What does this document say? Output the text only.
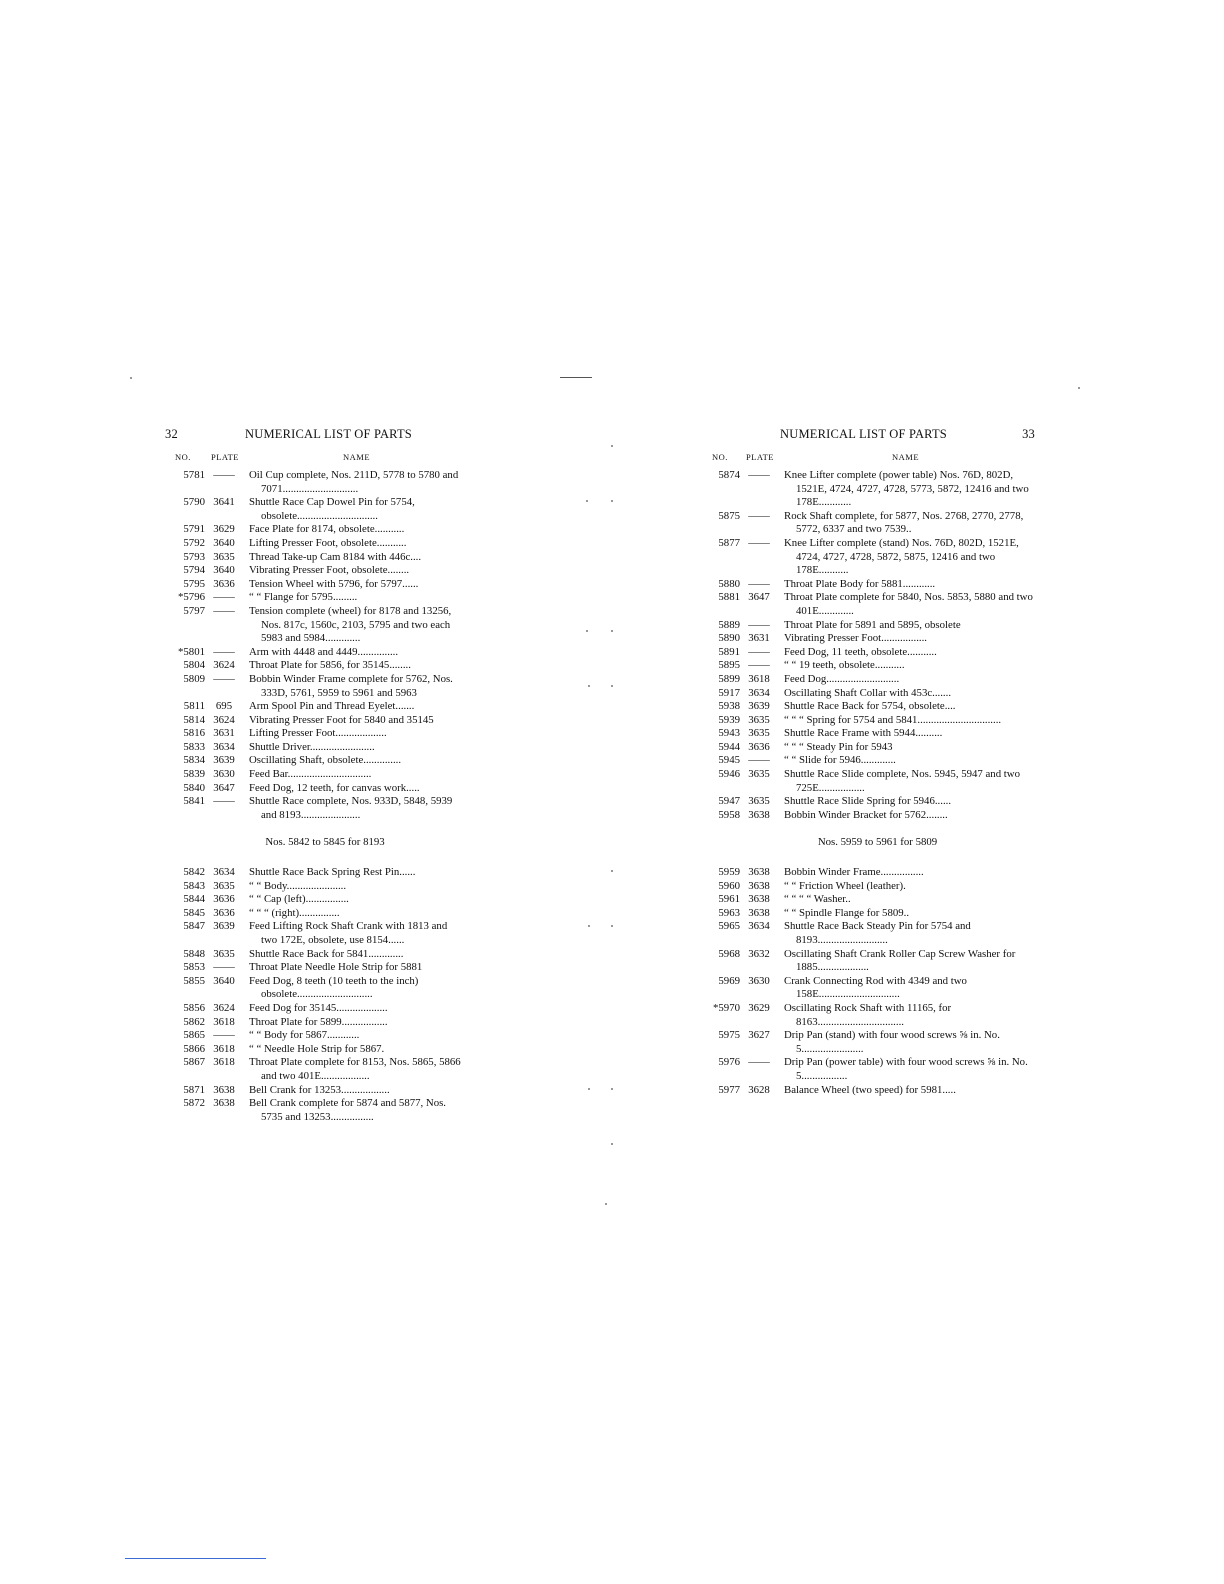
32	NUMERICAL LIST OF PARTS
NO. PLATE	NAME
5781 ——	Oil Cup complete, Nos. 211D, 5778 to 5780 and 7071............................
5790 3641	Shuttle Race Cap Dowel Pin for 5754, obsolete..............................
5791 3629	Face Plate for 8174, obsolete...........
5792 3640	Lifting Presser Foot, obsolete...........
5793 3635	Thread Take-up Cam 8184 with 446c....
5794 3640	Vibrating Presser Foot, obsolete........
5795 3636	Tension Wheel with 5796, for 5797......
*5796 ——	“ “ Flange for 5795.........
5797 ——	Tension complete (wheel) for 8178 and 13256, Nos. 817c, 1560c, 2103, 5795 and two each 5983 and 5984.............
*5801 ——	Arm with 4448 and 4449...............
5804 3624	Throat Plate for 5856, for 35145........
5809 ——	Bobbin Winder Frame complete for 5762, Nos. 333D, 5761, 5959 to 5961 and 5963
5811	695	Arm Spool Pin and Thread Eyelet.......
5814 3624	Vibrating Presser Foot for 5840 and 35145
5816 3631	Lifting Presser Foot...................
5833 3634	Shuttle Driver........................
5834 3639	Oscillating Shaft, obsolete..............
5839 3630	Feed Bar...............................
5840 3647	Feed Dog, 12 teeth, for canvas work.....
5841 ——	Shuttle Race complete, Nos. 933D, 5848, 5939 and 8193......................
Nos. 5842 to 5845 for 8193
5842 3634	Shuttle Race Back Spring Rest Pin......
5843 3635	“ “ Body......................
5844 3636	“ “ Cap (left)................
5845 3636	“ “ “ (right)...............
5847 3639	Feed Lifting Rock Shaft Crank with 1813 and two 172E, obsolete, use 8154......
5848 3635	Shuttle Race Back for 5841.............
5853 ——	Throat Plate Needle Hole Strip for 5881
5855 3640	Feed Dog, 8 teeth (10 teeth to the inch) obsolete............................
5856 3624	Feed Dog for 35145...................
5862 3618	Throat Plate for 5899.................
5865 ——	“ “ Body for 5867............
5866 3618	“ “ Needle Hole Strip for 5867.
5867 3618	Throat Plate complete for 8153, Nos. 5865, 5866 and two 401E..................
5871 3638	Bell Crank for 13253..................
5872 3638	Bell Crank complete for 5874 and 5877, Nos. 5735 and 13253................
NUMERICAL LIST OF PARTS	33
NO. PLATE	NAME
5874 ——	Knee Lifter complete (power table) Nos. 76D, 802D, 1521E, 4724, 4727, 4728, 5773, 5872, 12416 and two 178E............
5875 ——	Rock Shaft complete, for 5877, Nos. 2768, 2770, 2778, 5772, 6337 and two 7539..
5877 ——	Knee Lifter complete (stand) Nos. 76D, 802D, 1521E, 4724, 4727, 4728, 5872, 5875, 12416 and two 178E...........
5880 ——	Throat Plate Body for 5881............
5881 3647	Throat Plate complete for 5840, Nos. 5853, 5880 and two 401E.............
5889 ——	Throat Plate for 5891 and 5895, obsolete
5890 3631	Vibrating Presser Foot.................
5891 ——	Feed Dog, 11 teeth, obsolete...........
5895 ——	“ “ 19 teeth, obsolete...........
5899 3618	Feed Dog...........................
5917 3634	Oscillating Shaft Collar with 453c.......
5938 3639	Shuttle Race Back for 5754, obsolete....
5939 3635	“ “ “ Spring for 5754 and 5841...............................
5943 3635	Shuttle Race Frame with 5944..........
5944 3636	“ “ “ Steady Pin for 5943
5945 ——	“ “ Slide for 5946.............
5946 3635	Shuttle Race Slide complete, Nos. 5945, 5947 and two 725E.................
5947 3635	Shuttle Race Slide Spring for 5946......
5958 3638	Bobbin Winder Bracket for 5762........
Nos. 5959 to 5961 for 5809
5959 3638	Bobbin Winder Frame................
5960 3638	“ “ Friction Wheel (leather).
5961 3638	“ “ “ “ Washer..
5963 3638	“ “ Spindle Flange for 5809..
5965 3634	Shuttle Race Back Steady Pin for 5754 and 8193..........................
5968 3632	Oscillating Shaft Crank Roller Cap Screw Washer for 1885...................
5969 3630	Crank Connecting Rod with 4349 and two 158E..............................
*5970 3629	Oscillating Rock Shaft with 11165, for 8163................................
5975 3627	Drip Pan (stand) with four wood screws ⅝ in. No. 5.......................
5976 ——	Drip Pan (power table) with four wood screws ⅝ in. No. 5.................
5977 3628	Balance Wheel (two speed) for 5981.....
